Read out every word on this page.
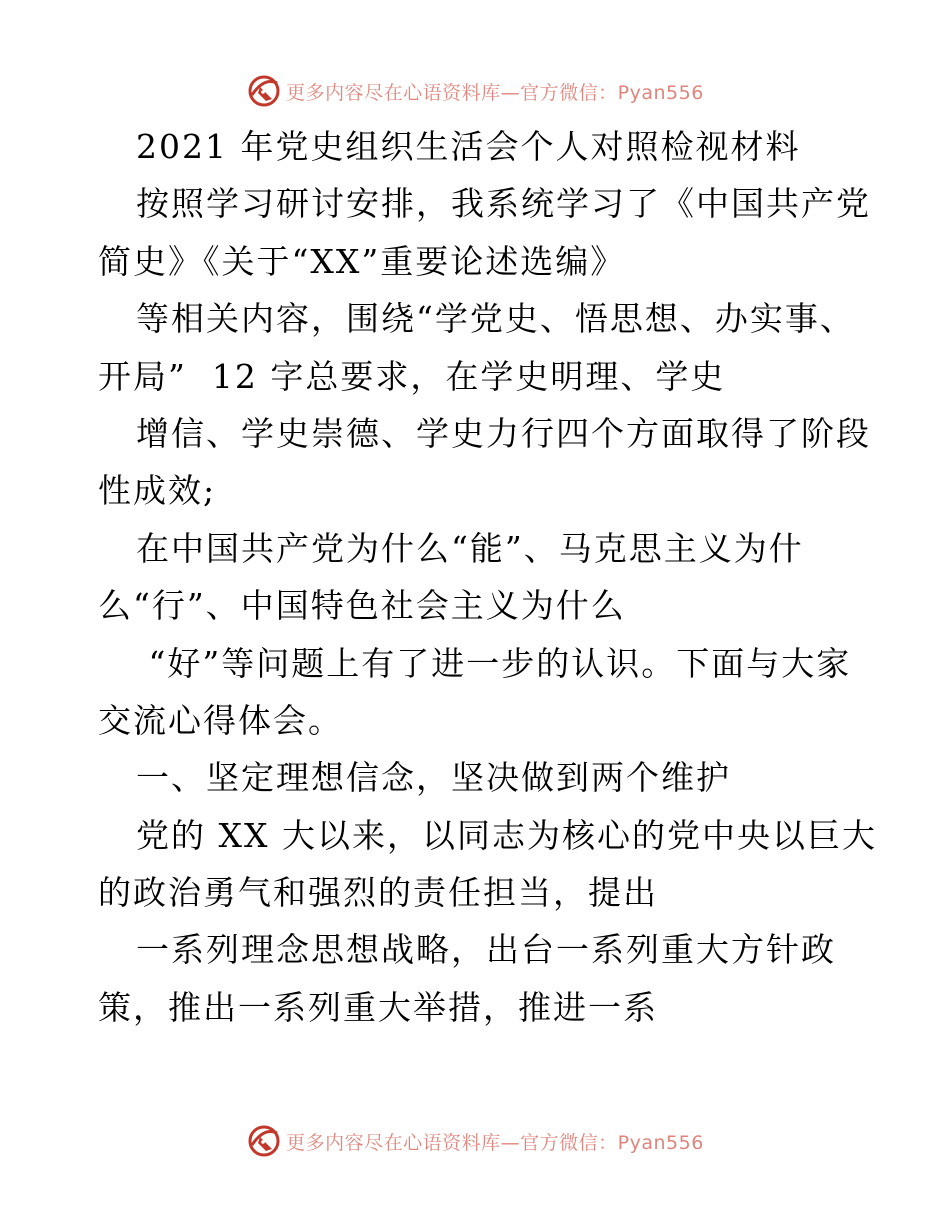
更多内容尽在心语资料库—官方微信：Pyan556
2021 年党史组织生活会个人对照检视材料
按照学习研讨安排，我系统学习了《中国共产党
简史》《关于“XX”重要论述选编》
等相关内容，围绕“学党史、悟思想、办实事、
开局”  12 字总要求，在学史明理、学史
增信、学史崇德、学史力行四个方面取得了阶段
性成效;
在中国共产党为什么“能”、马克思主义为什
么“行”、中国特色社会主义为什么
“好”等问题上有了进一步的认识。下面与大家
交流心得体会。
一、坚定理想信念，坚决做到两个维护
党的 XX 大以来，以同志为核心的党中央以巨大
的政治勇气和强烈的责任担当，提出
一系列理念思想战略，出台一系列重大方针政
策，推出一系列重大举措，推进一系
更多内容尽在心语资料库—官方微信：Pyan556
